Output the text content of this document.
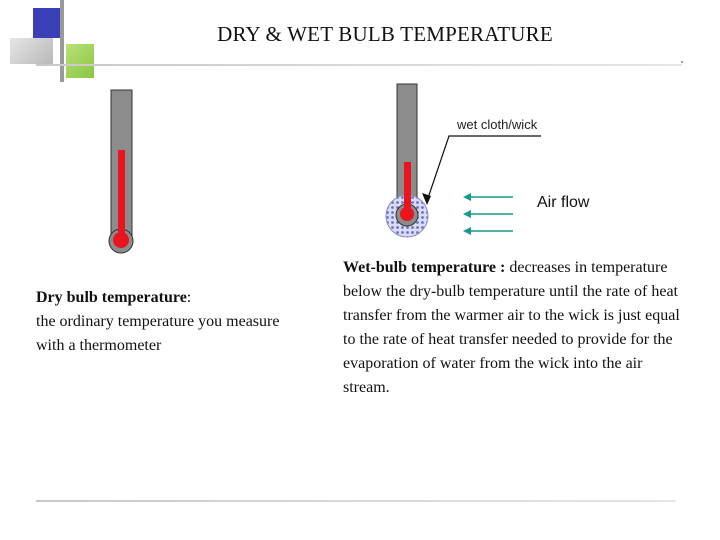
DRY & WET BULB TEMPERATURE
wet cloth/wick
Air flow
Dry bulb temperature:
the ordinary temperature you measure with a thermometer
Wet-bulb temperature : decreases in temperature below the dry-bulb temperature until the rate of heat transfer from the warmer air to the wick is just equal to the rate of heat transfer needed to provide for the evaporation of water from the wick into the air stream.
